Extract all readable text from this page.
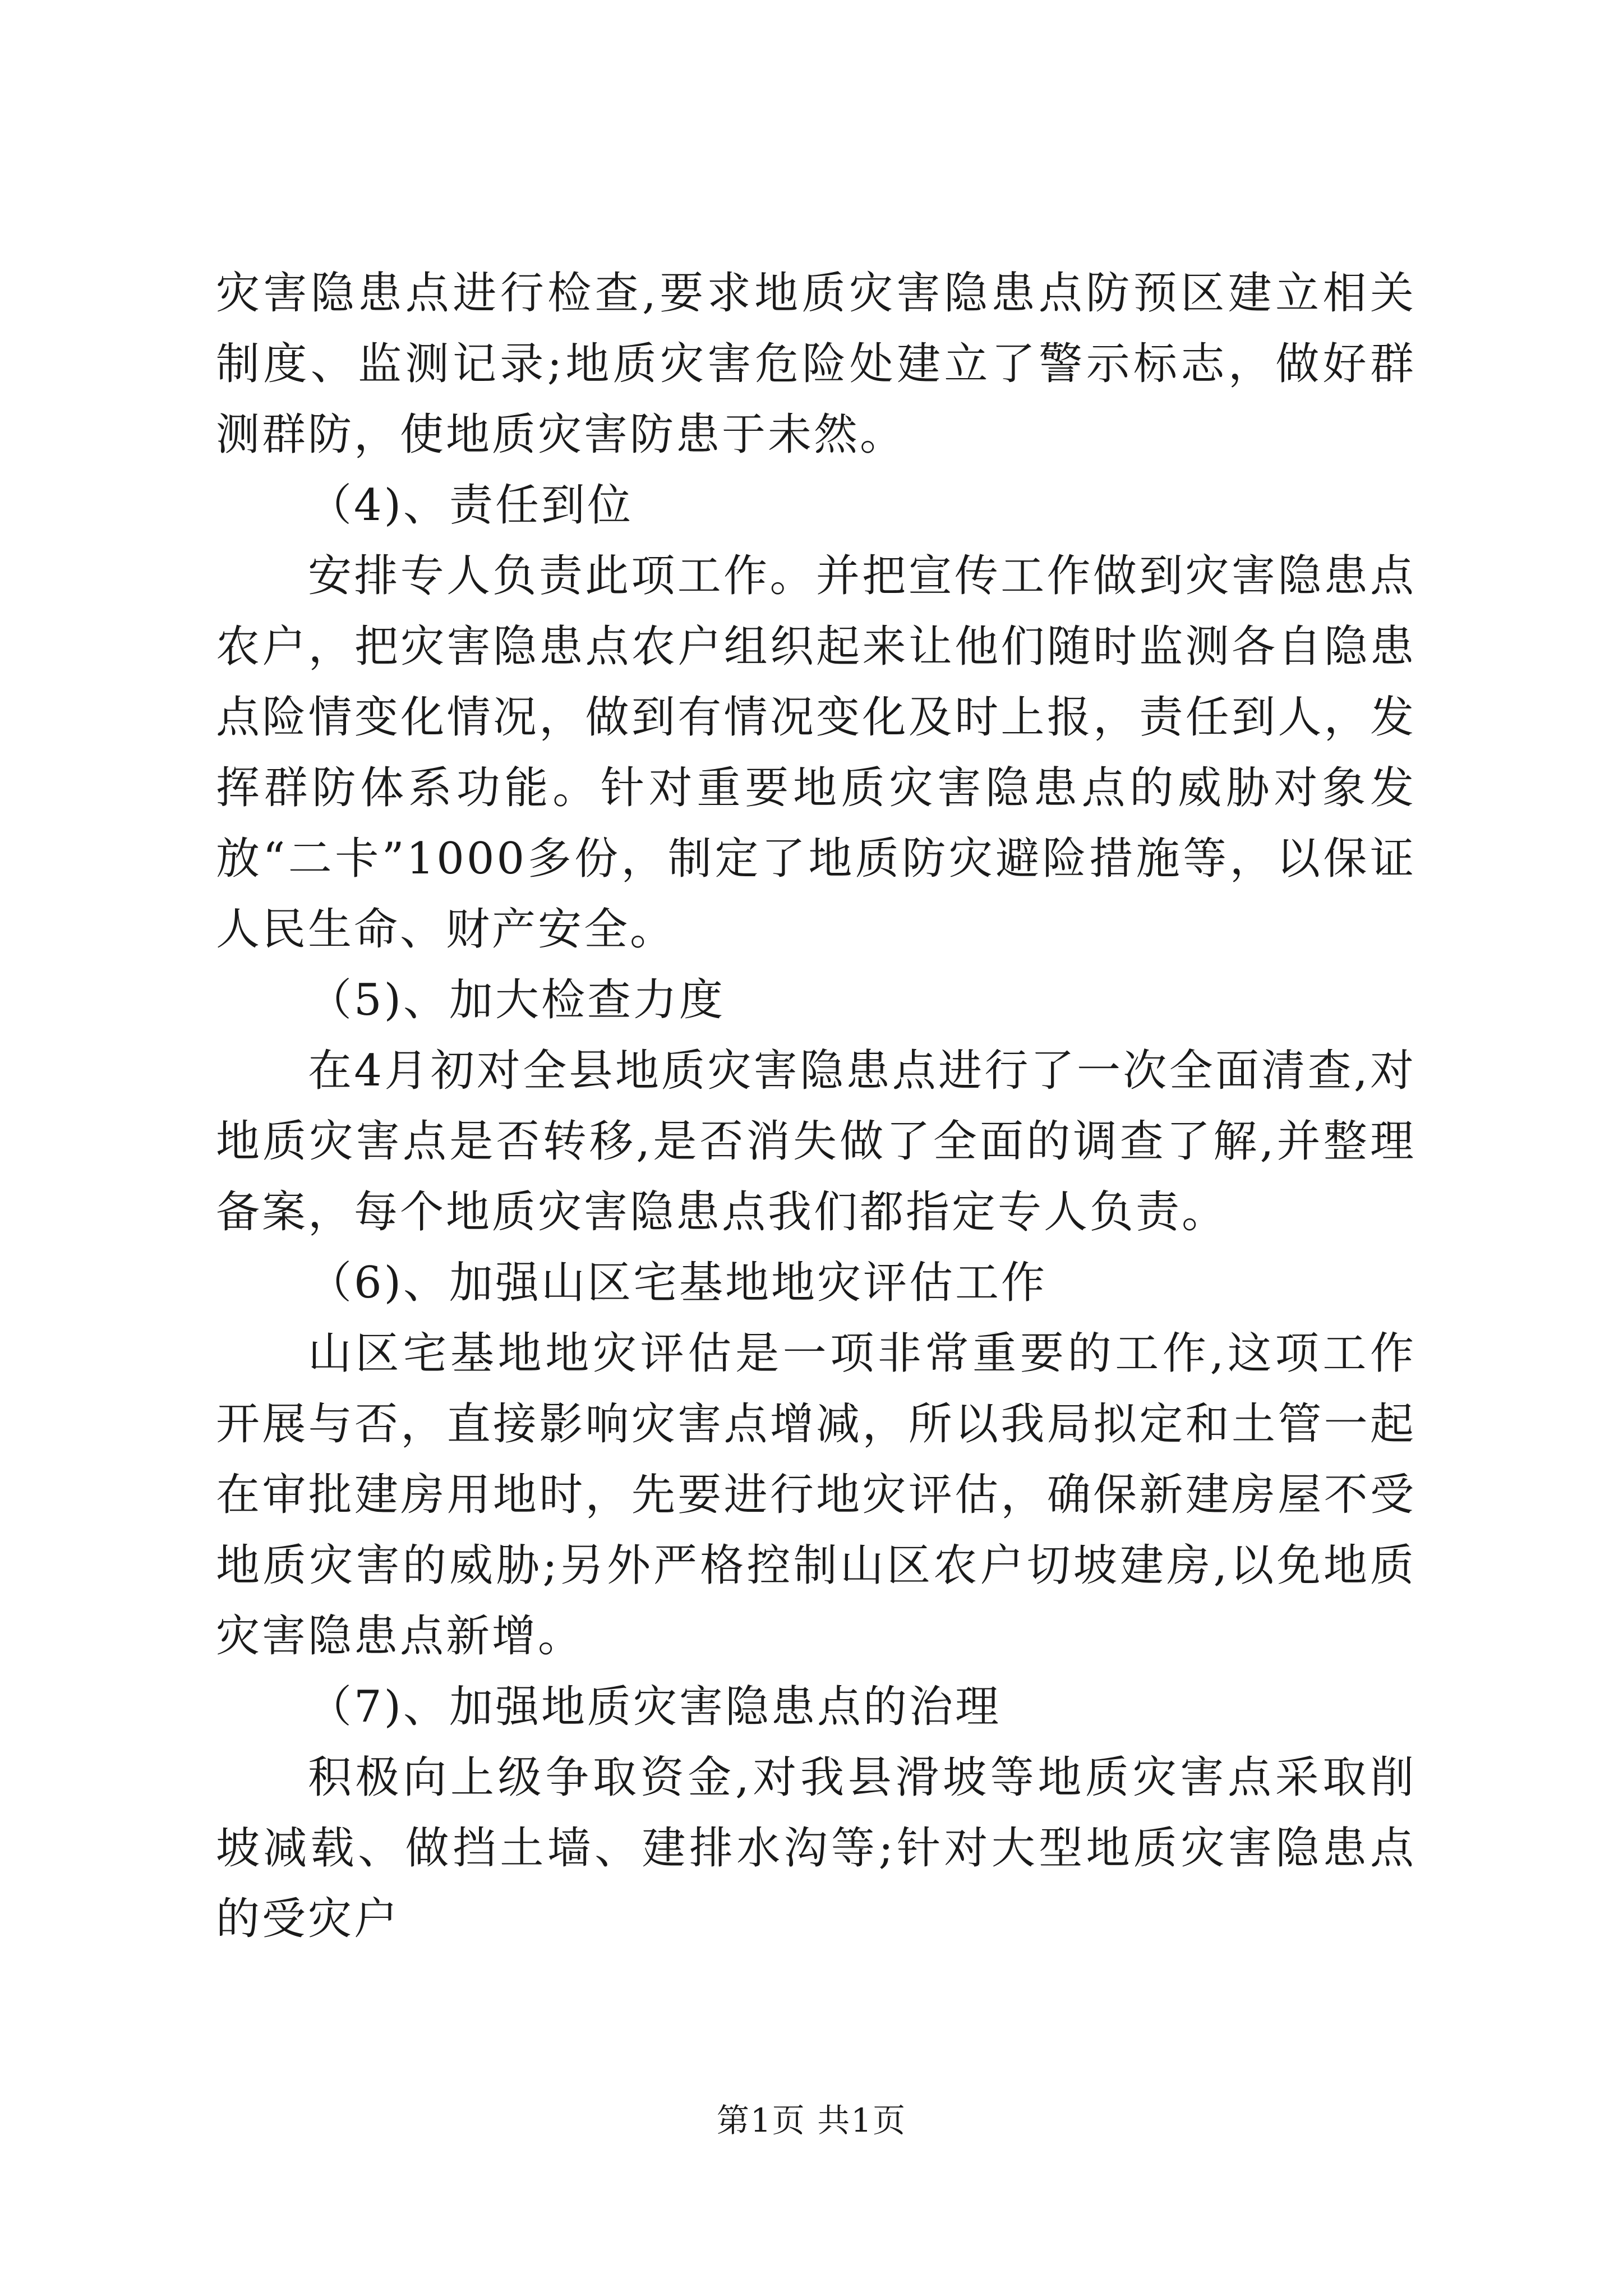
灾害隐患点进行检查,要求地质灾害隐患点防预区建立相关制度、监测记录;地质灾害危险处建立了警示标志，做好群测群防，使地质灾害防患于未然。

（4)、责任到位

安排专人负责此项工作。并把宣传工作做到灾害隐患点农户，把灾害隐患点农户组织起来让他们随时监测各自隐患点险情变化情况，做到有情况变化及时上报，责任到人，发挥群防体系功能。针对重要地质灾害隐患点的威胁对象发放“二卡”1000多份，制定了地质防灾避险措施等，以保证人民生命、财产安全。

（5)、加大检查力度

在4月初对全县地质灾害隐患点进行了一次全面清查,对地质灾害点是否转移,是否消失做了全面的调查了解,并整理备案，每个地质灾害隐患点我们都指定专人负责。

（6)、加强山区宅基地地灾评估工作

山区宅基地地灾评估是一项非常重要的工作,这项工作开展与否，直接影响灾害点增减，所以我局拟定和土管一起在审批建房用地时，先要进行地灾评估，确保新建房屋不受地质灾害的威胁;另外严格控制山区农户切坡建房,以免地质灾害隐患点新增。

（7)、加强地质灾害隐患点的治理

积极向上级争取资金,对我县滑坡等地质灾害点采取削坡减载、做挡土墙、建排水沟等;针对大型地质灾害隐患点的受灾户

第1页 共1页
